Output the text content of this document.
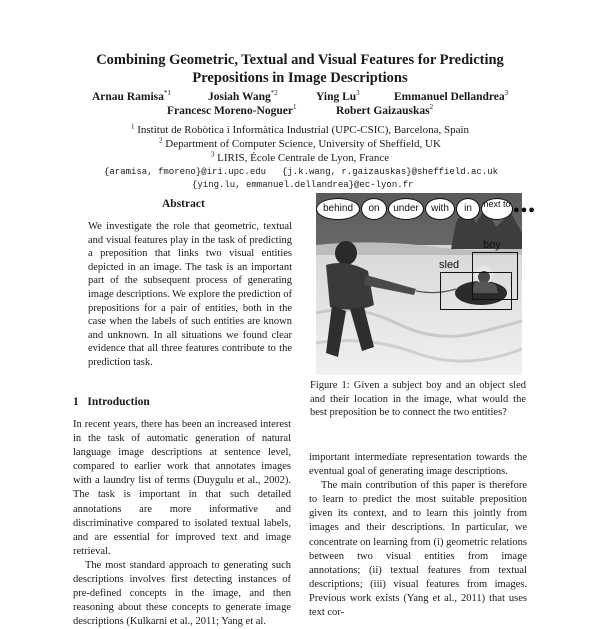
Combining Geometric, Textual and Visual Features for Predicting
Prepositions in Image Descriptions
Arnau Ramisa$^{*1}$	Josiah Wang$^{*2}$	Ying Lu$^3$	Emmanuel Dellandrea$^3$
Francesc Moreno-Noguer$^1$	Robert Gaizauskas$^2$
$^1$ Institut de Robòtica i Informàtica Industrial (UPC-CSIC), Barcelona, Spain
$^2$ Department of Computer Science, University of Sheffield, UK
$^3$ LIRIS, École Centrale de Lyon, France
{aramisa, fmoreno}@iri.upc.edu {j.k.wang, r.gaizauskas}@sheffield.ac.uk
{ying.lu, emmanuel.dellandrea}@ec-lyon.fr
Abstract
We investigate the role that geometric, textual and visual features play in the task of predicting a preposition that links two visual entities depicted in an image. The task is an important part of the subsequent process of generating image descriptions. We explore the prediction of prepositions for a pair of entities, both in the case when the labels of such entities are known and unknown. In all situations we found clear evidence that all three features contribute to the prediction task.
1 Introduction

In recent years, there has been an increased interest in the task of automatic generation of natural language image descriptions at sentence level, compared to earlier work that annotates images with a laundry list of terms (Duygulu et al., 2002). The task is important in that such detailed annotations are more informative and discriminative compared to isolated textual labels, and are essential for improved text and image retrieval.

The most standard approach to generating such descriptions involves first detecting instances of pre-defined concepts in the image, and then reasoning about these concepts to generate image descriptions (Kulkarni et al., 2011; Yang et al.

behind	on	under	with	in	next to ●●●
boy
sled
Figure 1: Given a subject boy and an object sled and their location in the image, what would the best preposition be to connect the two entities?

important intermediate representation towards the eventual goal of generating image descriptions.

The main contribution of this paper is therefore to learn to predict the most suitable preposition given its context, and to learn this jointly from images and their descriptions. In particular, we concentrate on learning from (i) geometric relations between two visual entities from image annotations; (ii) textual features from textual descriptions; (iii) visual features from images. Previous work exists (Yang et al., 2011) that uses text cor-
